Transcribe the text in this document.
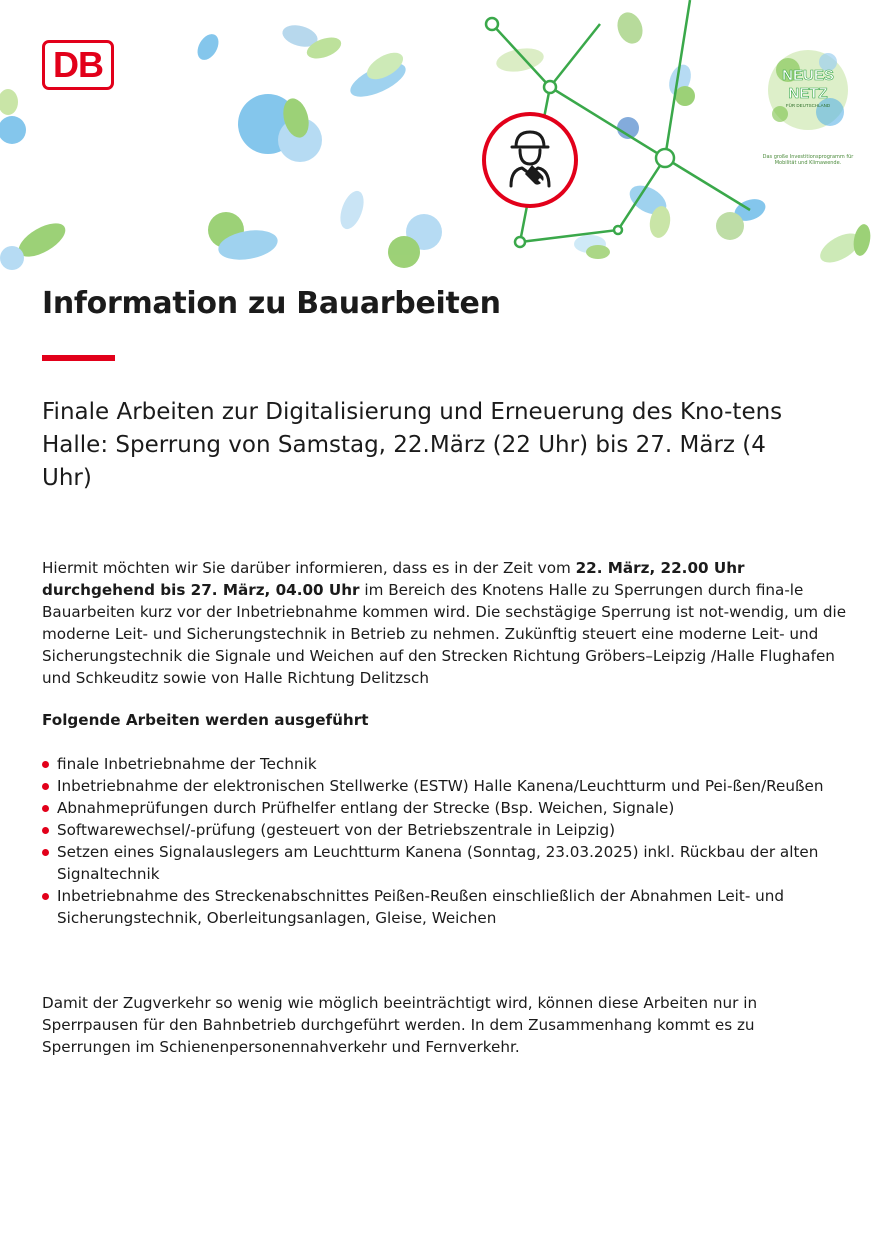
DB	NEUES
NETZ
FÜR DEUTSCHLAND
Das große Investitionsprogramm für Mobilität und Klimawende.
Information zu Bauarbeiten
Finale Arbeiten zur Digitalisierung und Erneuerung des Kno-tens Halle: Sperrung von Samstag, 22.März (22 Uhr) bis 27. März (4 Uhr)

Hiermit möchten wir Sie darüber informieren, dass es in der Zeit vom 22. März, 22.00 Uhr durchgehend bis 27. März, 04.00 Uhr im Bereich des Knotens Halle zu Sperrungen durch fina-le Bauarbeiten kurz vor der Inbetriebnahme kommen wird. Die sechstägige Sperrung ist not-wendig, um die moderne Leit- und Sicherungstechnik in Betrieb zu nehmen. Zukünftig steuert eine moderne Leit- und Sicherungstechnik die Signale und Weichen auf den Strecken Richtung Gröbers–Leipzig /Halle Flughafen und Schkeuditz sowie von Halle Richtung Delitzsch

Folgende Arbeiten werden ausgeführt

finale Inbetriebnahme der Technik
Inbetriebnahme der elektronischen Stellwerke (ESTW) Halle Kanena/Leuchtturm und Pei-ßen/Reußen
Abnahmeprüfungen durch Prüfhelfer entlang der Strecke (Bsp. Weichen, Signale)
Softwarewechsel/-prüfung (gesteuert von der Betriebszentrale in Leipzig)
Setzen eines Signalauslegers am Leuchtturm Kanena (Sonntag, 23.03.2025) inkl. Rückbau der alten Signaltechnik
Inbetriebnahme des Streckenabschnittes Peißen-Reußen einschließlich der Abnahmen Leit- und Sicherungstechnik, Oberleitungsanlagen, Gleise, Weichen

Damit der Zugverkehr so wenig wie möglich beeinträchtigt wird, können diese Arbeiten nur in Sperrpausen für den Bahnbetrieb durchgeführt werden. In dem Zusammenhang kommt es zu Sperrungen im Schienenpersonennahverkehr und Fernverkehr.
